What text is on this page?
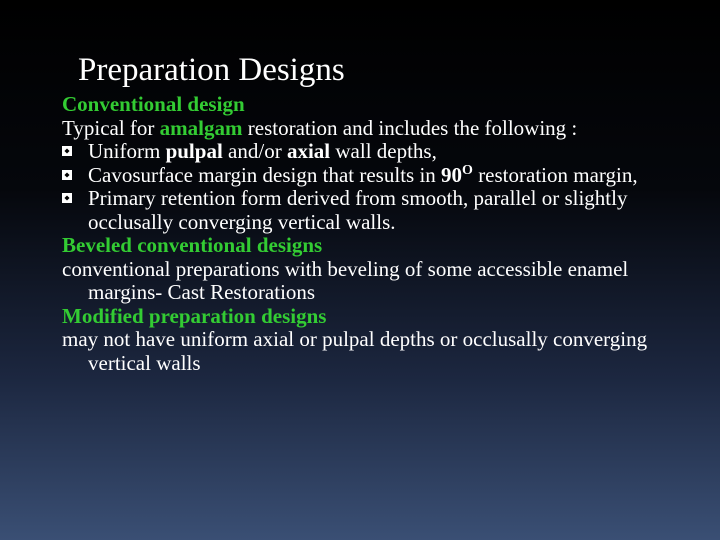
Preparation Designs

Conventional design

Typical for amalgam restoration and includes the following :

Uniform pulpal and/or axial wall depths,

Cavosurface margin design that results in $90^O$ restoration margin,

Primary retention form derived from smooth, parallel or slightly occlusally converging vertical walls.

Beveled conventional designs

conventional preparations with beveling of some accessible enamel margins- Cast Restorations

Modified preparation designs

may not have uniform axial or pulpal depths or occlusally converging vertical walls
